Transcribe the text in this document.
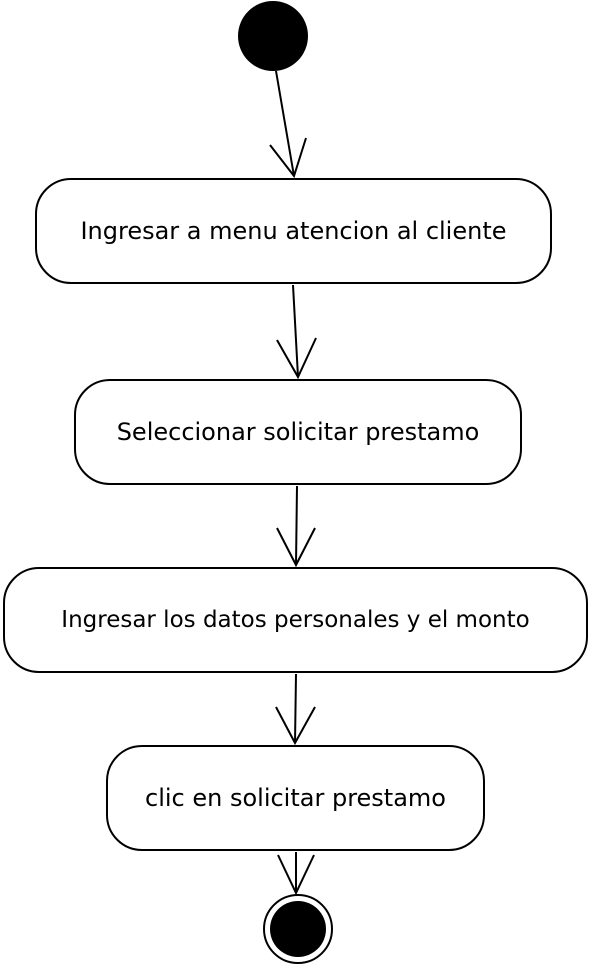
Ingresar a menu atencion al cliente
Seleccionar solicitar prestamo
Ingresar los datos personales y el monto
clic en solicitar prestamo
